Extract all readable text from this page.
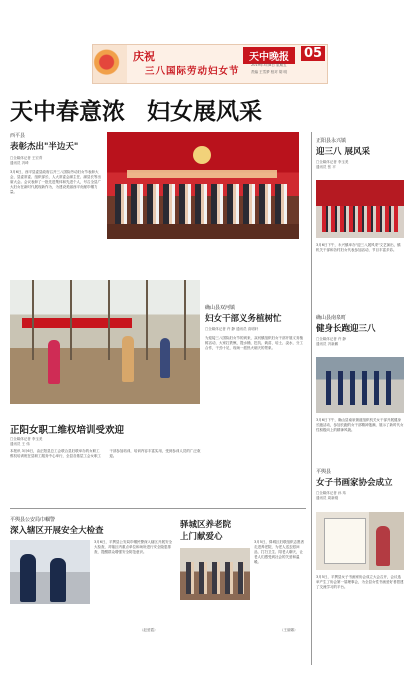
庆祝
三八国际劳动妇女节
天中晚报	05
2019年3月8日 星期五
责编 王雪梦 校对 胡 明
天中春意浓 妇女展风采
西平县
表彰杰出"半边天"
□全媒体记者 王宏青
通讯员 冯琦
3月6日，西平县委县政府召开三八国际劳动妇女节表彰大会，县委常委、组织部长、人大常委会副主任、副县长等出席大会。会议表彰了一批先进集体和先进个人，号召全县广大妇女在新时代展现新作为，为建设美丽西平贡献巾帼力量。
正阳县永兴镇
迎三八 展风采
□全媒体记者 李玉美
通讯员 张 平
3月6日下午，永兴镇举办"迎三八展风采"文艺演出，镇机关干部和各村妇女代表参加活动，节目丰富多彩。
确山县双河镇
妇女干部义务植树忙
□全媒体记者 许 静 通讯员 高明轩
为迎接三八国际妇女节的到来，双河镇组织妇女干部开展义务植树活动，大家扛铁锹、提水桶，挖坑、栽苗、培土、浇水，分工合作，干劲十足，现场一派热火朝天的景象。
确山县南泉町
健身长跑迎三八
□全媒体记者 许 静
通讯员 冯新鹏
3月6日下午，确山县南泉街道组织机关女干部开展健身长跑活动，参加长跑的女干部精神饱满，展示了新时代女性积极向上的精神风貌。
正阳女职工维权培训受欢迎
□全媒体记者 李玉美
通讯员 王 伟
本报讯 3月6日，由正阳县总工会联合县妇联举办的女职工维权培训班在县职工服务中心举行，全县各基层工会女职工干部参加培训，培训内容丰富实用，受到参训人员的广泛欢迎。
平舆县
女子书画家协会成立
□全媒体记者 孙 玮
通讯员 周新刚
3月5日，平舆县女子书画家协会成立大会召开，会议选举产生了协会第一届理事会，为全县女性书画爱好者搭建了交流学习的平台。
平舆县公安局巾帼警
深入辖区开展安全大检查
3月6日，平舆县公安局巾帼民警深入辖区开展安全大检查，对辖区内重点单位和场所进行安全隐患排查，提醒群众增强安全防范意识。
（赵爱霞）
驿城区养老院
上门献爱心	3月5日，驿城区妇联组织志愿者走进养老院，为老人送去慰问品，打扫卫生、陪老人聊天，让老人们感受到社会的关爱和温暖。
（王丽娜）
